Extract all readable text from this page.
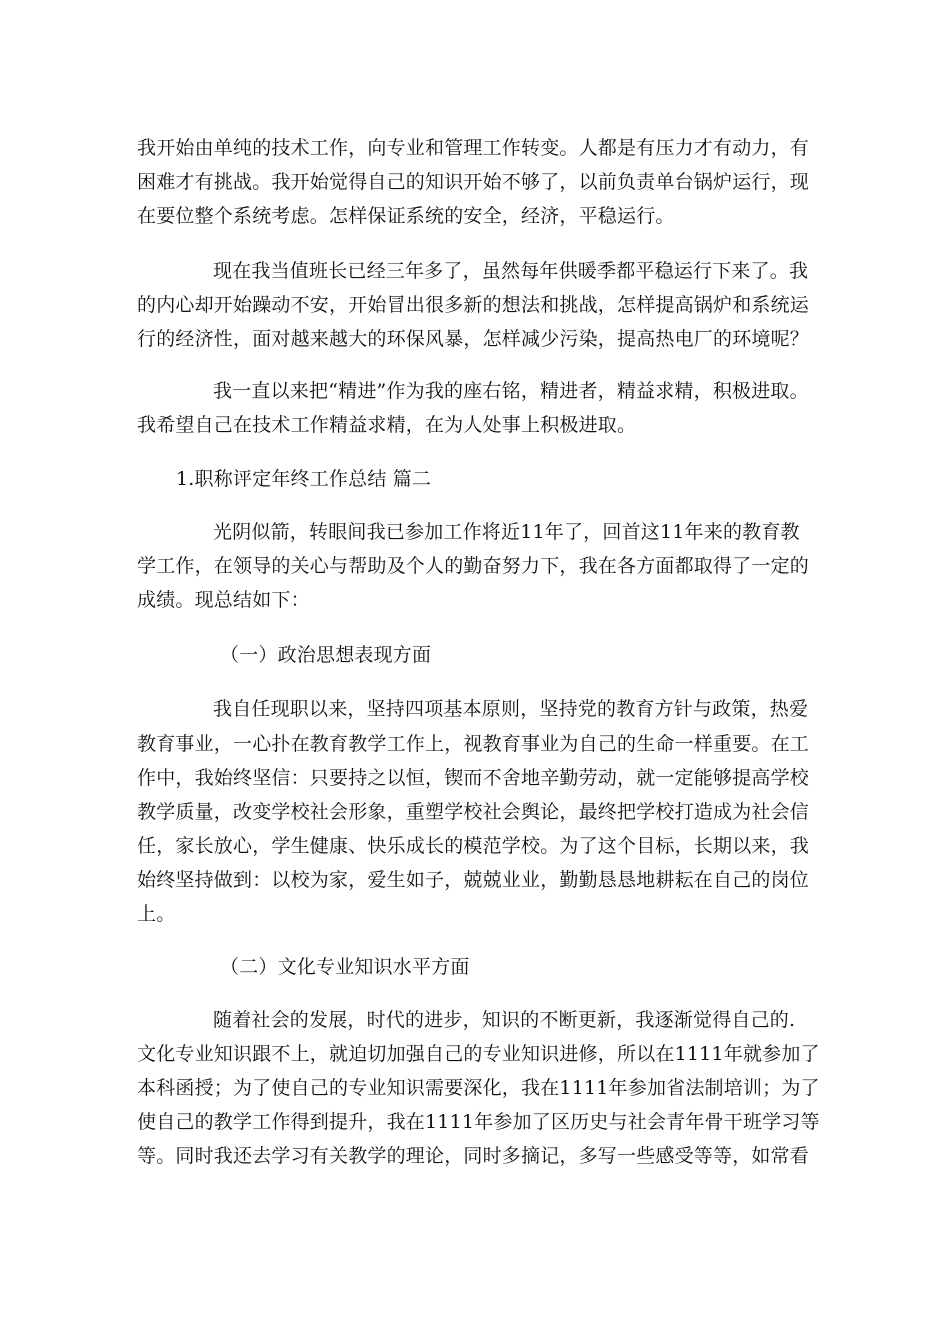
我开始由单纯的技术工作，向专业和管理工作转变。人都是有压力才有动力，有
困难才有挑战。我开始觉得自己的知识开始不够了，以前负责单台锅炉运行，现
在要位整个系统考虑。怎样保证系统的安全，经济，平稳运行。
现在我当值班长已经三年多了，虽然每年供暖季都平稳运行下来了。我
的内心却开始躁动不安，开始冒出很多新的想法和挑战，怎样提高锅炉和系统运
行的经济性，面对越来越大的环保风暴，怎样减少污染，提高热电厂的环境呢？
我一直以来把“精进”作为我的座右铭，精进者，精益求精，积极进取。
我希望自己在技术工作精益求精，在为人处事上积极进取。
1.职称评定年终工作总结 篇二
光阴似箭，转眼间我已参加工作将近11年了，回首这11年来的教育教
学工作，在领导的关心与帮助及个人的勤奋努力下，我在各方面都取得了一定的
成绩。现总结如下：
（一）政治思想表现方面
我自任现职以来，坚持四项基本原则，坚持党的教育方针与政策，热爱
教育事业，一心扑在教育教学工作上，视教育事业为自己的生命一样重要。在工
作中，我始终坚信：只要持之以恒，锲而不舍地辛勤劳动，就一定能够提高学校
教学质量，改变学校社会形象，重塑学校社会舆论，最终把学校打造成为社会信
任，家长放心，学生健康、快乐成长的模范学校。为了这个目标，长期以来，我
始终坚持做到：以校为家，爱生如子，兢兢业业，勤勤恳恳地耕耘在自己的岗位
上。
（二）文化专业知识水平方面
随着社会的发展，时代的进步，知识的不断更新，我逐渐觉得自己的.
文化专业知识跟不上，就迫切加强自己的专业知识进修，所以在1111年就参加了
本科函授；为了使自己的专业知识需要深化，我在1111年参加省法制培训；为了
使自己的教学工作得到提升，我在1111年参加了区历史与社会青年骨干班学习等
等。同时我还去学习有关教学的理论，同时多摘记，多写一些感受等等，如常看
